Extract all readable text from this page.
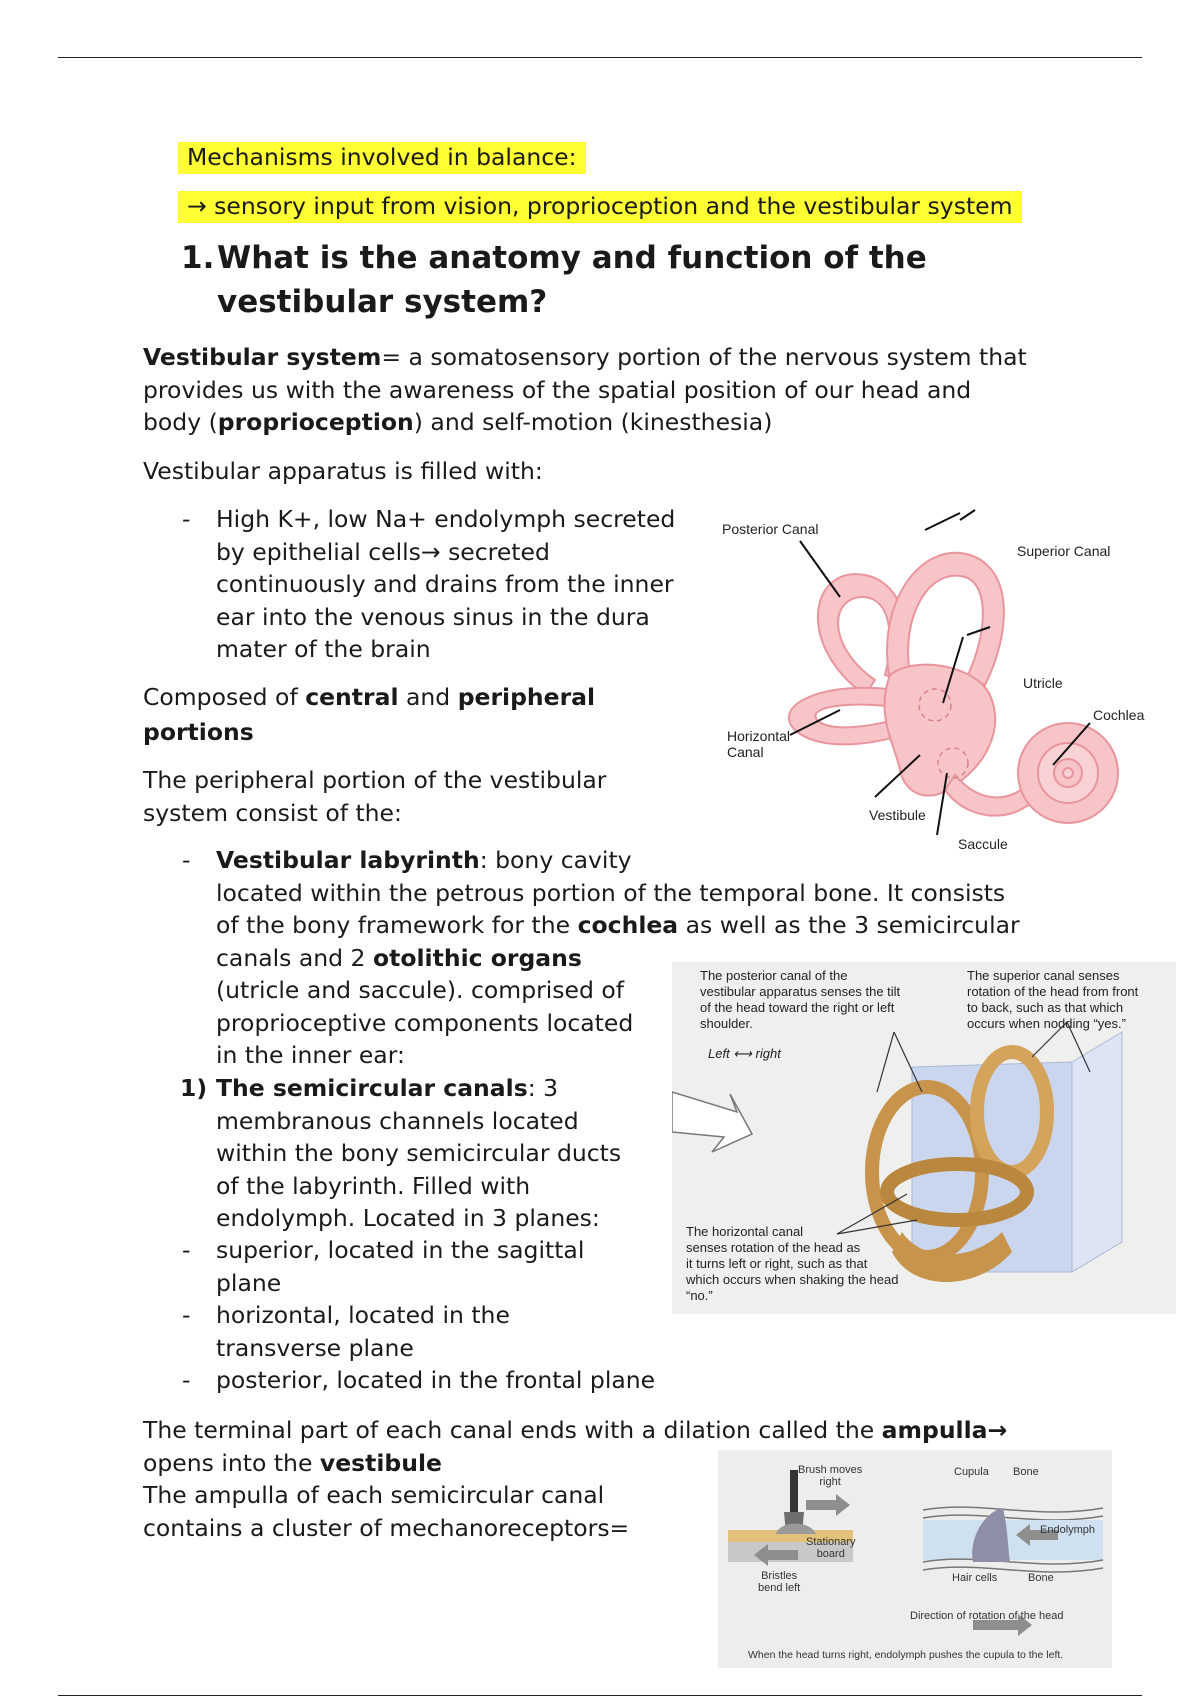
Mechanisms involved in balance:
→ sensory input from vision, proprioception and the vestibular system
1. What is the anatomy and function of the
vestibular system?
Vestibular system= a somatosensory portion of the nervous system that
provides us with the awareness of the spatial position of our head and
body (proprioception) and self-motion (kinesthesia)
Vestibular apparatus is filled with:
- High K+, low Na+ endolymph secreted
by epithelial cells→ secreted
continuously and drains from the inner
ear into the venous sinus in the dura
mater of the brain
Composed of central and peripheral
portions
The peripheral portion of the vestibular
system consist of the:
- Vestibular labyrinth: bony cavity
located within the petrous portion of the temporal bone. It consists
of the bony framework for the cochlea as well as the 3 semicircular
canals and 2 otolithic organs
(utricle and saccule). comprised of
proprioceptive components located
in the inner ear:
1) The semicircular canals: 3
membranous channels located
within the bony semicircular ducts
of the labyrinth. Filled with
endolymph. Located in 3 planes:
- superior, located in the sagittal
plane
- horizontal, located in the
transverse plane
- posterior, located in the frontal plane
The terminal part of each canal ends with a dilation called the ampulla→
opens into the vestibule
The ampulla of each semicircular canal
contains a cluster of mechanoreceptors=
Posterior Canal
Superior Canal
Utricle
Cochlea
Horizontal
Canal
Vestibule
Saccule
The posterior canal of the
vestibular apparatus senses the tilt
of the head toward the right or left
shoulder.
The superior canal senses
rotation of the head from front
to back, such as that which
occurs when nodding “yes.”
Left ⟷ right
The horizontal canal
senses rotation of the head as
it turns left or right, such as that
which occurs when shaking the head
“no.”
Brush moves
right
Stationary
board
Bristles
bend left
Cupula Bone
Endolymph
Hair cells	Bone
Direction of rotation of the head
When the head turns right, endolymph pushes the cupula to the left.
